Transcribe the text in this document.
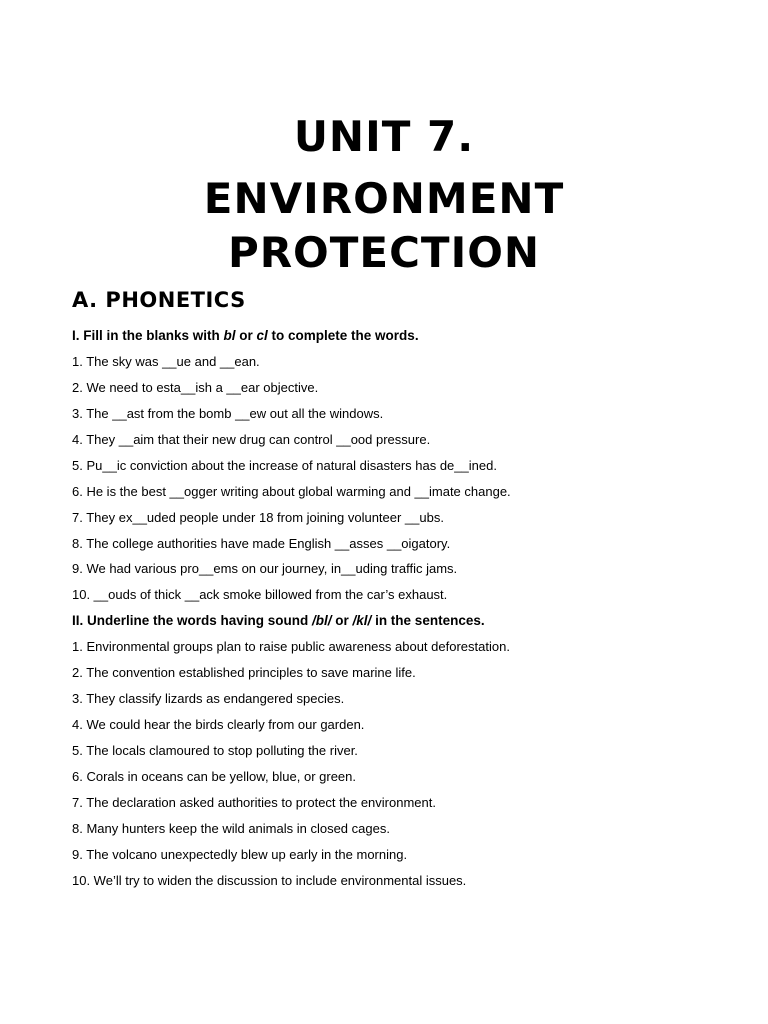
UNIT 7.
ENVIRONMENT
PROTECTION
A. PHONETICS
I. Fill in the blanks with bl or cl to complete the words.
1. The sky was __ue and __ean.
2. We need to esta__ish a __ear objective.
3. The __ast from the bomb __ew out all the windows.
4. They __aim that their new drug can control __ood pressure.
5. Pu__ic conviction about the increase of natural disasters has de__ined.
6. He is the best __ogger writing about global warming and __imate change.
7. They ex__uded people under 18 from joining volunteer __ubs.
8. The college authorities have made English __asses __oigatory.
9. We had various pro__ems on our journey, in__uding traffic jams.
10. __ouds of thick __ack smoke billowed from the car’s exhaust.
II. Underline the words having sound /bl/ or /kl/ in the sentences.
1. Environmental groups plan to raise public awareness about deforestation.
2. The convention established principles to save marine life.
3. They classify lizards as endangered species.
4. We could hear the birds clearly from our garden.
5. The locals clamoured to stop polluting the river.
6. Corals in oceans can be yellow, blue, or green.
7. The declaration asked authorities to protect the environment.
8. Many hunters keep the wild animals in closed cages.
9. The volcano unexpectedly blew up early in the morning.
10. We’ll try to widen the discussion to include environmental issues.
